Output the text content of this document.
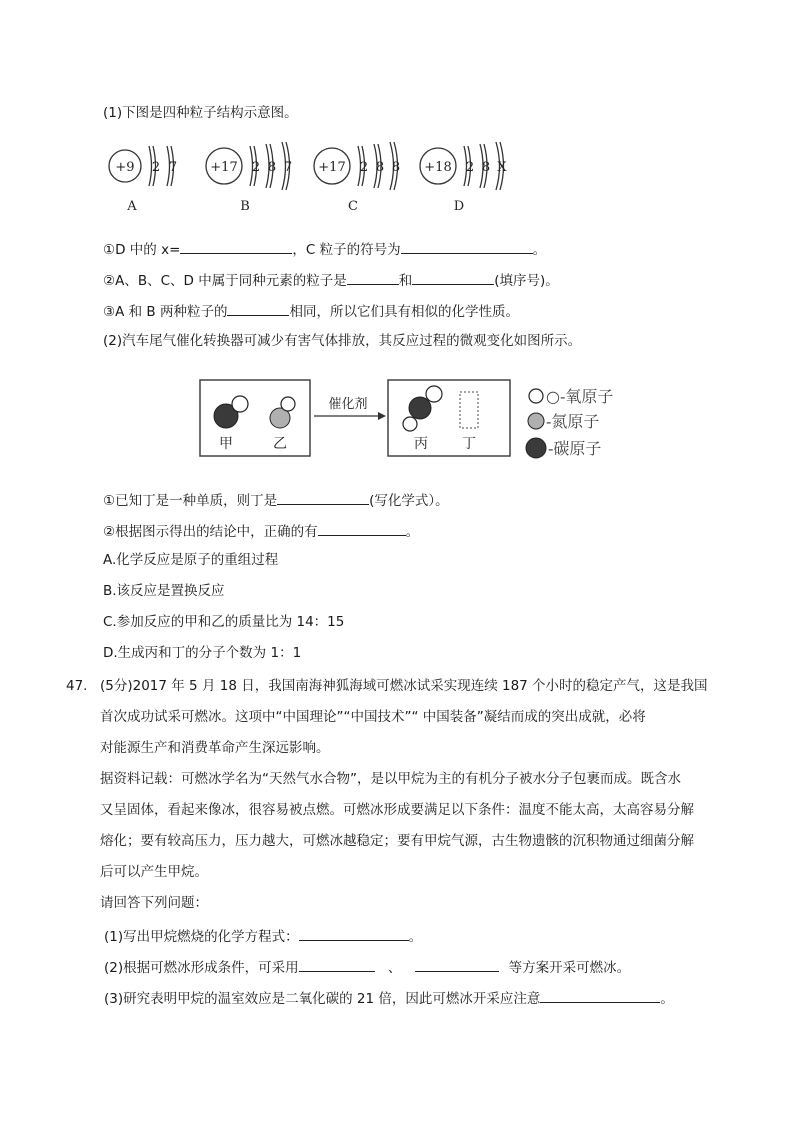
(1)下图是四种粒子结构示意图。
+9 2 7
A
+17 2 8 7
B
+17 2 8 8
C
+18 2 8 X
D
①D 中的 x=	，C 粒子的符号为	。
②A、B、C、D 中属于同种元素的粒子是	和	(填序号)。
③A 和 B 两种粒子的	相同，所以它们具有相似的化学性质。
(2)汽车尾气催化转换器可减少有害气体排放，其反应过程的微观变化如图所示。
甲	乙
催化剂
丙 丁
○-氧原子
-氮原子
-碳原子
①已知丁是一种单质，则丁是	(写化学式）。
②根据图示得出的结论中，正确的有	。
A.化学反应是原子的重组过程
B.该反应是置换反应
C.参加反应的甲和乙的质量比为 14：15
D.生成丙和丁的分子个数为 1：1
47. (5分)2017 年 5 月 18 日，我国南海神狐海域可燃冰试采实现连续 187 个小时的稳定产气，这是我国
首次成功试采可燃冰。这项中“中国理论”“中国技术”“ 中国装备”凝结而成的突出成就，必将
对能源生产和消费革命产生深远影响。
据资料记载：可燃冰学名为“天然气水合物”，是以甲烷为主的有机分子被水分子包裹而成。既含水
又呈固体，看起来像冰，很容易被点燃。可燃冰形成要满足以下条件：温度不能太高，太高容易分解
熔化；要有较高压力，压力越大，可燃冰越稳定；要有甲烷气源，古生物遗骸的沉积物通过细菌分解
后可以产生甲烷。
请回答下列问题：
(1)写出甲烷燃烧的化学方程式：	。
(2)根据可燃冰形成条件，可采用	、	等方案开采可燃冰。
(3)研究表明甲烷的温室效应是二氧化碳的 21 倍，因此可燃冰开采应注意	。
